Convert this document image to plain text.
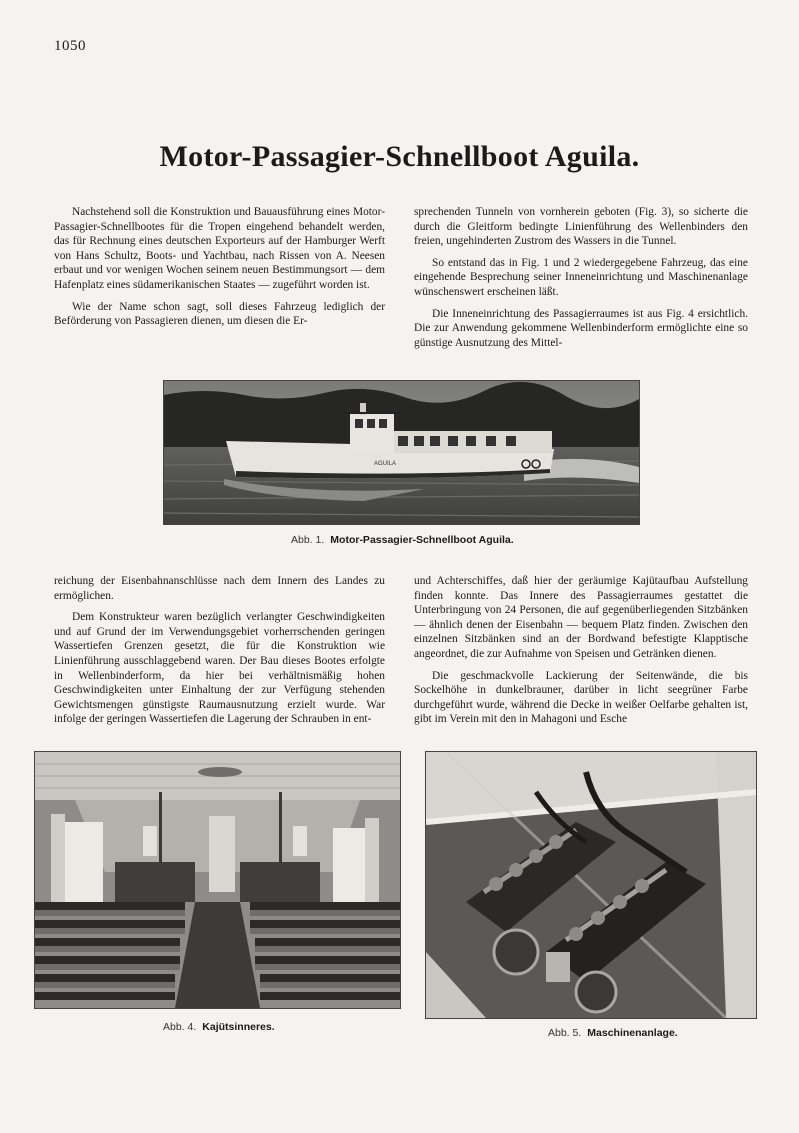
1050
Motor-Passagier-Schnellboot Aguila.

Nachstehend soll die Konstruktion und Bauausführung eines Motor-Passagier-Schnellbootes für die Tropen eingehend behandelt werden, das für Rechnung eines deutschen Exporteurs auf der Hamburger Werft von Hans Schultz, Boots- und Yachtbau, nach Rissen von A. Neesen erbaut und vor wenigen Wochen seinem neuen Bestimmungsort — dem Hafenplatz eines südamerikanischen Staates — zugeführt worden ist.

Wie der Name schon sagt, soll dieses Fahrzeug lediglich der Beförderung von Passagieren dienen, um diesen die Er-

sprechenden Tunneln von vornherein geboten (Fig. 3), so sicherte die durch die Gleitform bedingte Linienführung des Wellenbinders den freien, ungehinderten Zustrom des Wassers in die Tunnel.

So entstand das in Fig. 1 und 2 wiedergegebene Fahrzeug, das eine eingehende Besprechung seiner Inneneinrichtung und Maschinenanlage wünschenswert erscheinen läßt.

Die Inneneinrichtung des Passagierraumes ist aus Fig. 4 ersichtlich. Die zur Anwendung gekommene Wellenbinderform ermöglichte eine so günstige Ausnutzung des Mittel-

AGUILA
Abb. 1. Motor-Passagier-Schnellboot Aguila.

reichung der Eisenbahnanschlüsse nach dem Innern des Landes zu ermöglichen.

Dem Konstrukteur waren bezüglich verlangter Geschwindigkeiten und auf Grund der im Verwendungsgebiet vorherrschenden geringen Wassertiefen Grenzen gesetzt, die für die Konstruktion wie Linienführung ausschlaggebend waren. Der Bau dieses Bootes erfolgte in Wellenbinderform, da hier bei verhältnismäßig hohen Geschwindigkeiten unter Einhaltung der zur Verfügung stehenden Gewichtsmengen günstigste Raumausnutzung erzielt wurde. War infolge der geringen Wassertiefen die Lagerung der Schrauben in ent-

und Achterschiffes, daß hier der geräumige Kajütaufbau Aufstellung finden konnte. Das Innere des Passagierraumes gestattet die Unterbringung von 24 Personen, die auf gegenüberliegenden Sitzbänken — ähnlich denen der Eisenbahn — bequem Platz finden. Zwischen den einzelnen Sitzbänken sind an der Bordwand befestigte Klapptische angeordnet, die zur Aufnahme von Speisen und Getränken dienen.

Die geschmackvolle Lackierung der Seitenwände, die bis Sockelhöhe in dunkelbrauner, darüber in licht seegrüner Farbe durchgeführt wurde, während die Decke in weißer Oelfarbe gehalten ist, gibt im Verein mit den in Mahagoni und Esche

Abb. 4. Kajütsinneres.	Abb. 5. Maschinenanlage.
